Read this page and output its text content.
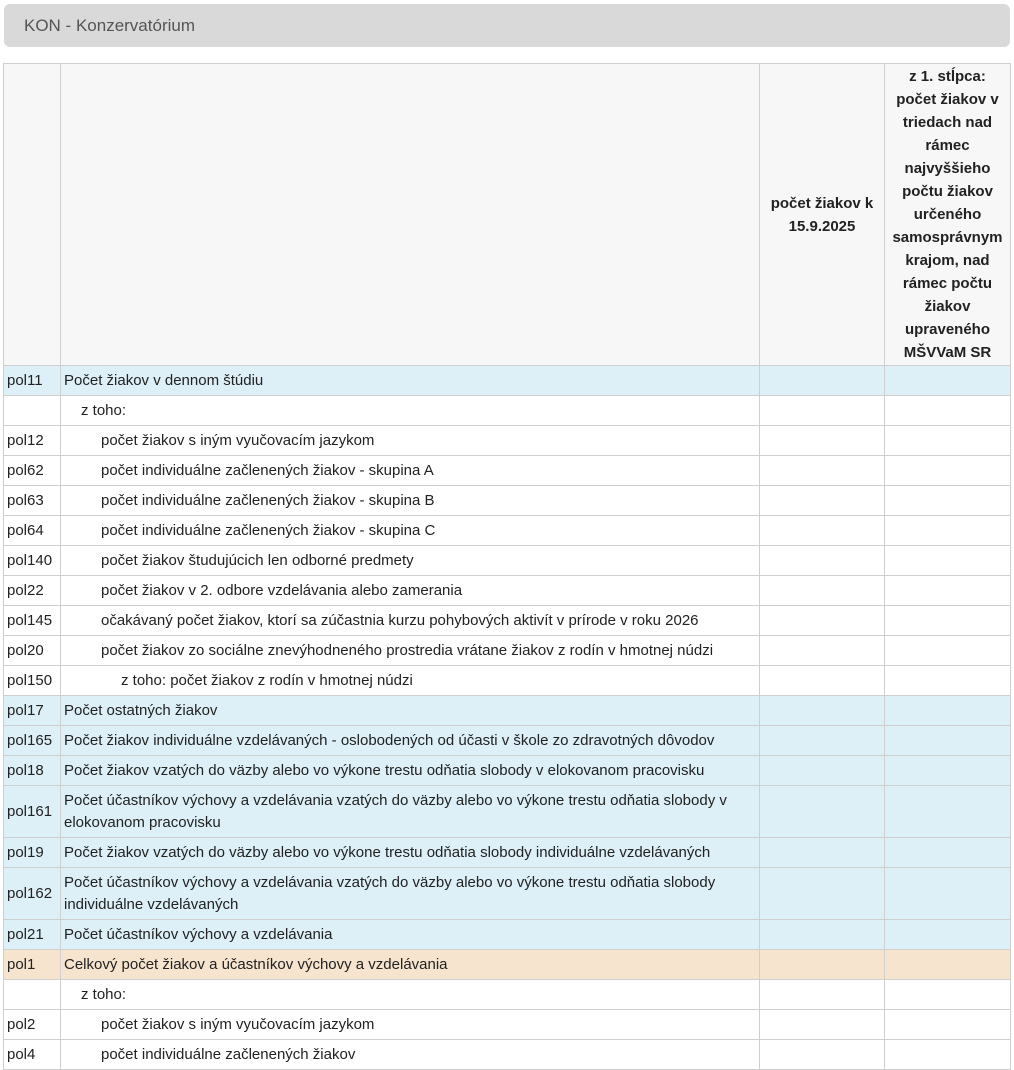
KON - Konzervatórium
		počet žiakov k 15.9.2025	z 1. stĺpca: počet žiakov v triedach nad rámec najvyššieho počtu žiakov určeného samosprávnym krajom, nad rámec počtu žiakov upraveného MŠVVaM SR
pol11	Počet žiakov v dennom štúdiu		
	z toho:		
pol12	počet žiakov s iným vyučovacím jazykom		
pol62	počet individuálne začlenených žiakov - skupina A		
pol63	počet individuálne začlenených žiakov - skupina B		
pol64	počet individuálne začlenených žiakov - skupina C		
pol140	počet žiakov študujúcich len odborné predmety		
pol22	počet žiakov v 2. odbore vzdelávania alebo zamerania		
pol145	očakávaný počet žiakov, ktorí sa zúčastnia kurzu pohybových aktivít v prírode v roku 2026		
pol20	počet žiakov zo sociálne znevýhodneného prostredia vrátane žiakov z rodín v hmotnej núdzi		
pol150	z toho: počet žiakov z rodín v hmotnej núdzi		
pol17	Počet ostatných žiakov		
pol165	Počet žiakov individuálne vzdelávaných - oslobodených od účasti v škole zo zdravotných dôvodov		
pol18	Počet žiakov vzatých do väzby alebo vo výkone trestu odňatia slobody v elokovanom pracovisku		
pol161	Počet účastníkov výchovy a vzdelávania vzatých do väzby alebo vo výkone trestu odňatia slobody v elokovanom pracovisku		
pol19	Počet žiakov vzatých do väzby alebo vo výkone trestu odňatia slobody individuálne vzdelávaných		
pol162	Počet účastníkov výchovy a vzdelávania vzatých do väzby alebo vo výkone trestu odňatia slobody individuálne vzdelávaných		
pol21	Počet účastníkov výchovy a vzdelávania		
pol1	Celkový počet žiakov a účastníkov výchovy a vzdelávania		
	z toho:		
pol2	počet žiakov s iným vyučovacím jazykom		
pol4	počet individuálne začlenených žiakov		
